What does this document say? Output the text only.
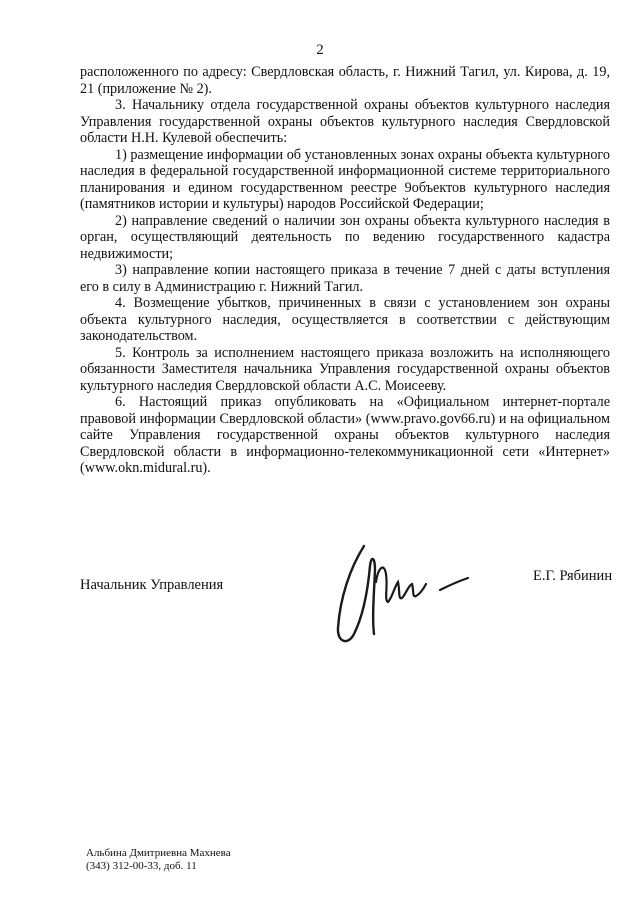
2

расположенного по адресу: Свердловская область, г. Нижний Тагил, ул. Кирова, д. 19, 21 (приложение № 2).

3. Начальнику отдела государственной охраны объектов культурного наследия Управления государственной охраны объектов культурного наследия Свердловской области Н.Н. Кулевой обеспечить:

1) размещение информации об установленных зонах охраны объекта культурного наследия в федеральной государственной информационной системе территориального планирования и едином государственном реестре 9объектов культурного наследия (памятников истории и культуры) народов Российской Федерации;

2) направление сведений о наличии зон охраны объекта культурного наследия в орган, осуществляющий деятельность по ведению государственного кадастра недвижимости;

3) направление копии настоящего приказа в течение 7 дней с даты вступления его в силу в Администрацию г. Нижний Тагил.

4. Возмещение убытков, причиненных в связи с установлением зон охраны объекта культурного наследия, осуществляется в соответствии с действующим законодательством.

5. Контроль за исполнением настоящего приказа возложить на исполняющего обязанности Заместителя начальника Управления государственной охраны объектов культурного наследия Свердловской области А.С. Моисееву.

6. Настоящий приказ опубликовать на «Официальном интернет-портале правовой информации Свердловской области» (www.pravo.gov66.ru) и на официальном сайте Управления государственной охраны объектов культурного наследия Свердловской области в информационно-телекоммуникационной сети «Интернет» (www.okn.midural.ru).

Начальник Управления
Е.Г. Рябинин
Альбина Дмитриевна Махнева
(343) 312-00-33, доб. 11
